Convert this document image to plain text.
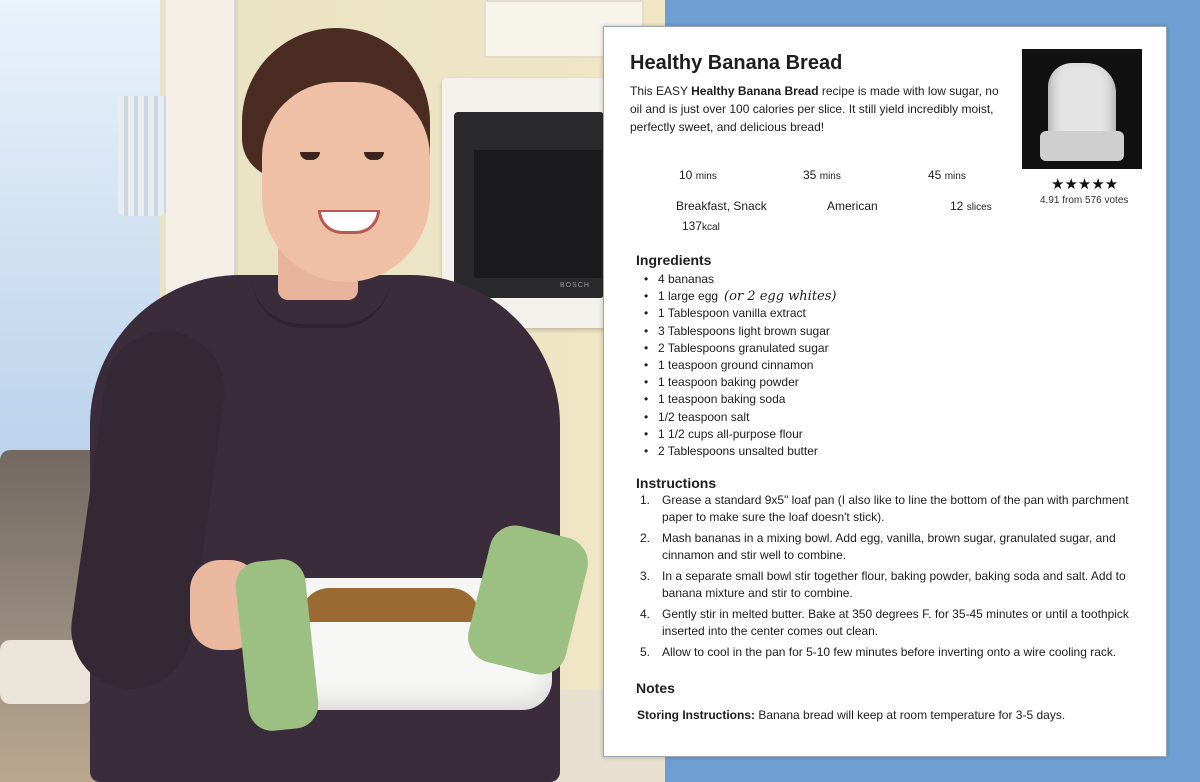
BOSCH
Healthy Banana Bread
This EASY Healthy Banana Bread recipe is made with low sugar, no oil and is just over 100 calories per slice. It still yield incredibly moist, perfectly sweet, and delicious bread!
★★★★★
4.91 from 576 votes
10 mins	35 mins	45 mins
Breakfast, Snack	American	12 slices
137kcal
Ingredients
• 4 bananas
• 1 large egg (or 2 egg whites)
• 1 Tablespoon vanilla extract
• 3 Tablespoons light brown sugar
• 2 Tablespoons granulated sugar
• 1 teaspoon ground cinnamon
• 1 teaspoon baking powder
• 1 teaspoon baking soda
• 1/2 teaspoon salt
• 1 1/2 cups all-purpose flour
• 2 Tablespoons unsalted butter
Instructions
1. Grease a standard 9x5" loaf pan (I also like to line the bottom of the pan with parchment paper to make sure the loaf doesn't stick).
2. Mash bananas in a mixing bowl. Add egg, vanilla, brown sugar, granulated sugar, and cinnamon and stir well to combine.
3. In a separate small bowl stir together flour, baking powder, baking soda and salt. Add to banana mixture and stir to combine.
4. Gently stir in melted butter. Bake at 350 degrees F. for 35-45 minutes or until a toothpick inserted into the center comes out clean.
5. Allow to cool in the pan for 5-10 few minutes before inverting onto a wire cooling rack.
Notes
Storing Instructions: Banana bread will keep at room temperature for 3-5 days.
